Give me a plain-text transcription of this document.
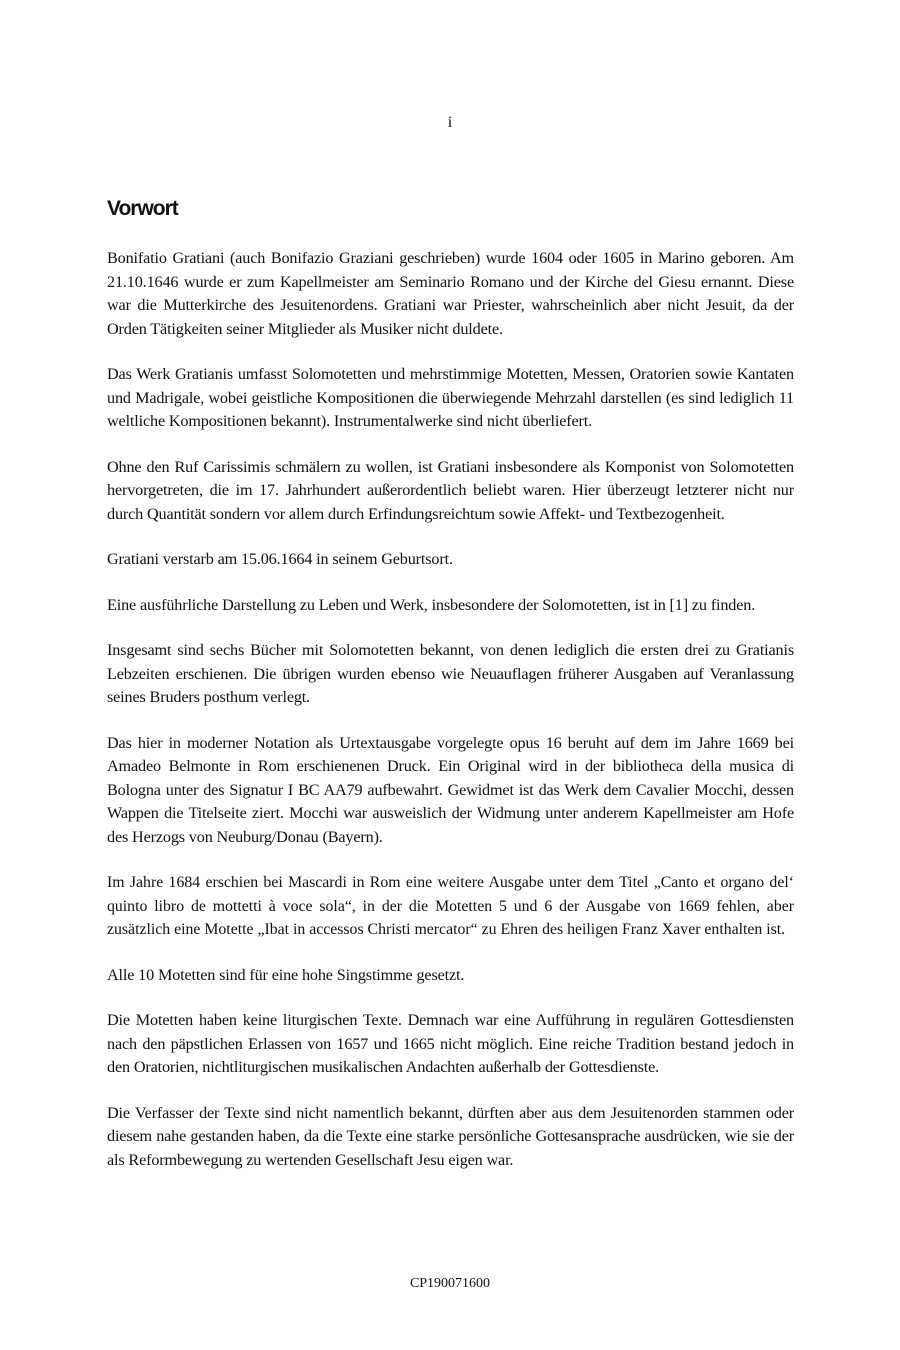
i
Vorwort

Bonifatio Gratiani (auch Bonifazio Graziani geschrieben) wurde 1604 oder 1605 in Marino geboren. Am 21.10.1646 wurde er zum Kapellmeister am Seminario Romano und der Kirche del Giesu ernannt. Diese war die Mutterkirche des Jesuitenordens. Gratiani war Priester, wahrscheinlich aber nicht Jesuit, da der Orden Tätigkeiten seiner Mitglieder als Musiker nicht duldete.

Das Werk Gratianis umfasst Solomotetten und mehrstimmige Motetten, Messen, Oratorien sowie Kantaten und Madrigale, wobei geistliche Kompositionen die überwiegende Mehrzahl darstellen (es sind lediglich 11 weltliche Kompositionen bekannt). Instrumentalwerke sind nicht überliefert.

Ohne den Ruf Carissimis schmälern zu wollen, ist Gratiani insbesondere als Komponist von Solomotetten hervorgetreten, die im 17. Jahrhundert außerordentlich beliebt waren. Hier überzeugt letzterer nicht nur durch Quantität sondern vor allem durch Erfindungsreichtum sowie Affekt- und Textbezogenheit.

Gratiani verstarb am 15.06.1664 in seinem Geburtsort.

Eine ausführliche Darstellung zu Leben und Werk, insbesondere der Solomotetten, ist in [1] zu finden.

Insgesamt sind sechs Bücher mit Solomotetten bekannt, von denen lediglich die ersten drei zu Gratianis Lebzeiten erschienen. Die übrigen wurden ebenso wie Neuauflagen früherer Ausgaben auf Veranlassung seines Bruders posthum verlegt.

Das hier in moderner Notation als Urtextausgabe vorgelegte opus 16 beruht auf dem im Jahre 1669 bei Amadeo Belmonte in Rom erschienenen Druck. Ein Original wird in der bibliotheca della musica di Bologna unter des Signatur I BC AA79 aufbewahrt. Gewidmet ist das Werk dem Cavalier Mocchi, dessen Wappen die Titelseite ziert. Mocchi war ausweislich der Widmung unter anderem Kapellmeister am Hofe des Herzogs von Neuburg/Donau (Bayern).

Im Jahre 1684 erschien bei Mascardi in Rom eine weitere Ausgabe unter dem Titel „Canto et organo del‘ quinto libro de mottetti à voce sola“, in der die Motetten 5 und 6 der Ausgabe von 1669 fehlen, aber zusätzlich eine Motette „Ibat in accessos Christi mercator“ zu Ehren des heiligen Franz Xaver enthalten ist.

Alle 10 Motetten sind für eine hohe Singstimme gesetzt.

Die Motetten haben keine liturgischen Texte. Demnach war eine Aufführung in regulären Gottesdiensten nach den päpstlichen Erlassen von 1657 und 1665 nicht möglich. Eine reiche Tradition bestand jedoch in den Oratorien, nichtliturgischen musikalischen Andachten außerhalb der Gottesdienste.

Die Verfasser der Texte sind nicht namentlich bekannt, dürften aber aus dem Jesuitenorden stammen oder diesem nahe gestanden haben, da die Texte eine starke persönliche Gottesansprache ausdrücken, wie sie der als Reformbewegung zu wertenden Gesellschaft Jesu eigen war.

CP190071600
